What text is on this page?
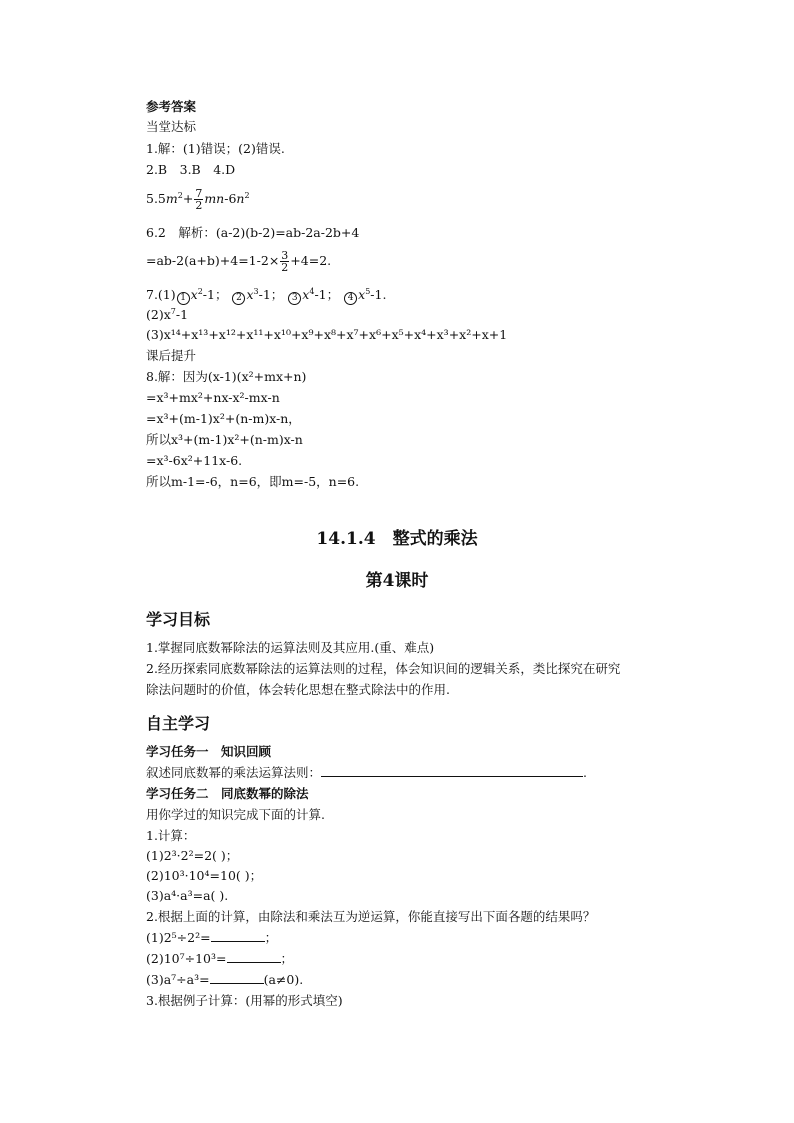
参考答案
当堂达标
1.解：(1)错误；(2)错误.
2.B　3.B　4.D
$5.5m^2+ \frac{7}{2} mn-6n^2$
6.2　解析：(a-2)(b-2)=ab-2a-2b+4
$=ab-2(a+b)+4=1-2\times \frac{3}{2} +4=2$.
7.(1) 1 $x^2-1$； 2 $x^3-1$； 3 $x^4-1$； 4 $x^5-1$.
$(2)x^7-1$
(3)x¹⁴+x¹³+x¹²+x¹¹+x¹⁰+x⁹+x⁸+x⁷+x⁶+x⁵+x⁴+x³+x²+x+1
课后提升
8.解：因为(x-1)(x²+mx+n)
=x³+mx²+nx-x²-mx-n
=x³+(m-1)x²+(n-m)x-n，
所以x³+(m-1)x²+(n-m)x-n
=x³-6x²+11x-6.
所以m-1=-6，n=6，即m=-5，n=6.
14.1.4　整式的乘法
第4课时
学习目标
1.掌握同底数幂除法的运算法则及其应用.(重、难点)
2.经历探索同底数幂除法的运算法则的过程，体会知识间的逻辑关系，类比探究在研究
除法问题时的价值，体会转化思想在整式除法中的作用.
自主学习
学习任务一　知识回顾
叙述同底数幂的乘法运算法则：	.
学习任务二　同底数幂的除法
用你学过的知识完成下面的计算.
1.计算：
(1)2³·2²=2( )；
(2)10³·10⁴=10( )；
(3)a⁴·a³=a( ).
2.根据上面的计算，由除法和乘法互为逆运算，你能直接写出下面各题的结果吗？
(1)2⁵÷2²=	；
(2)10⁷÷10³=	；
(3)a⁷÷a³=	(a≠0).
3.根据例子计算：(用幂的形式填空)
